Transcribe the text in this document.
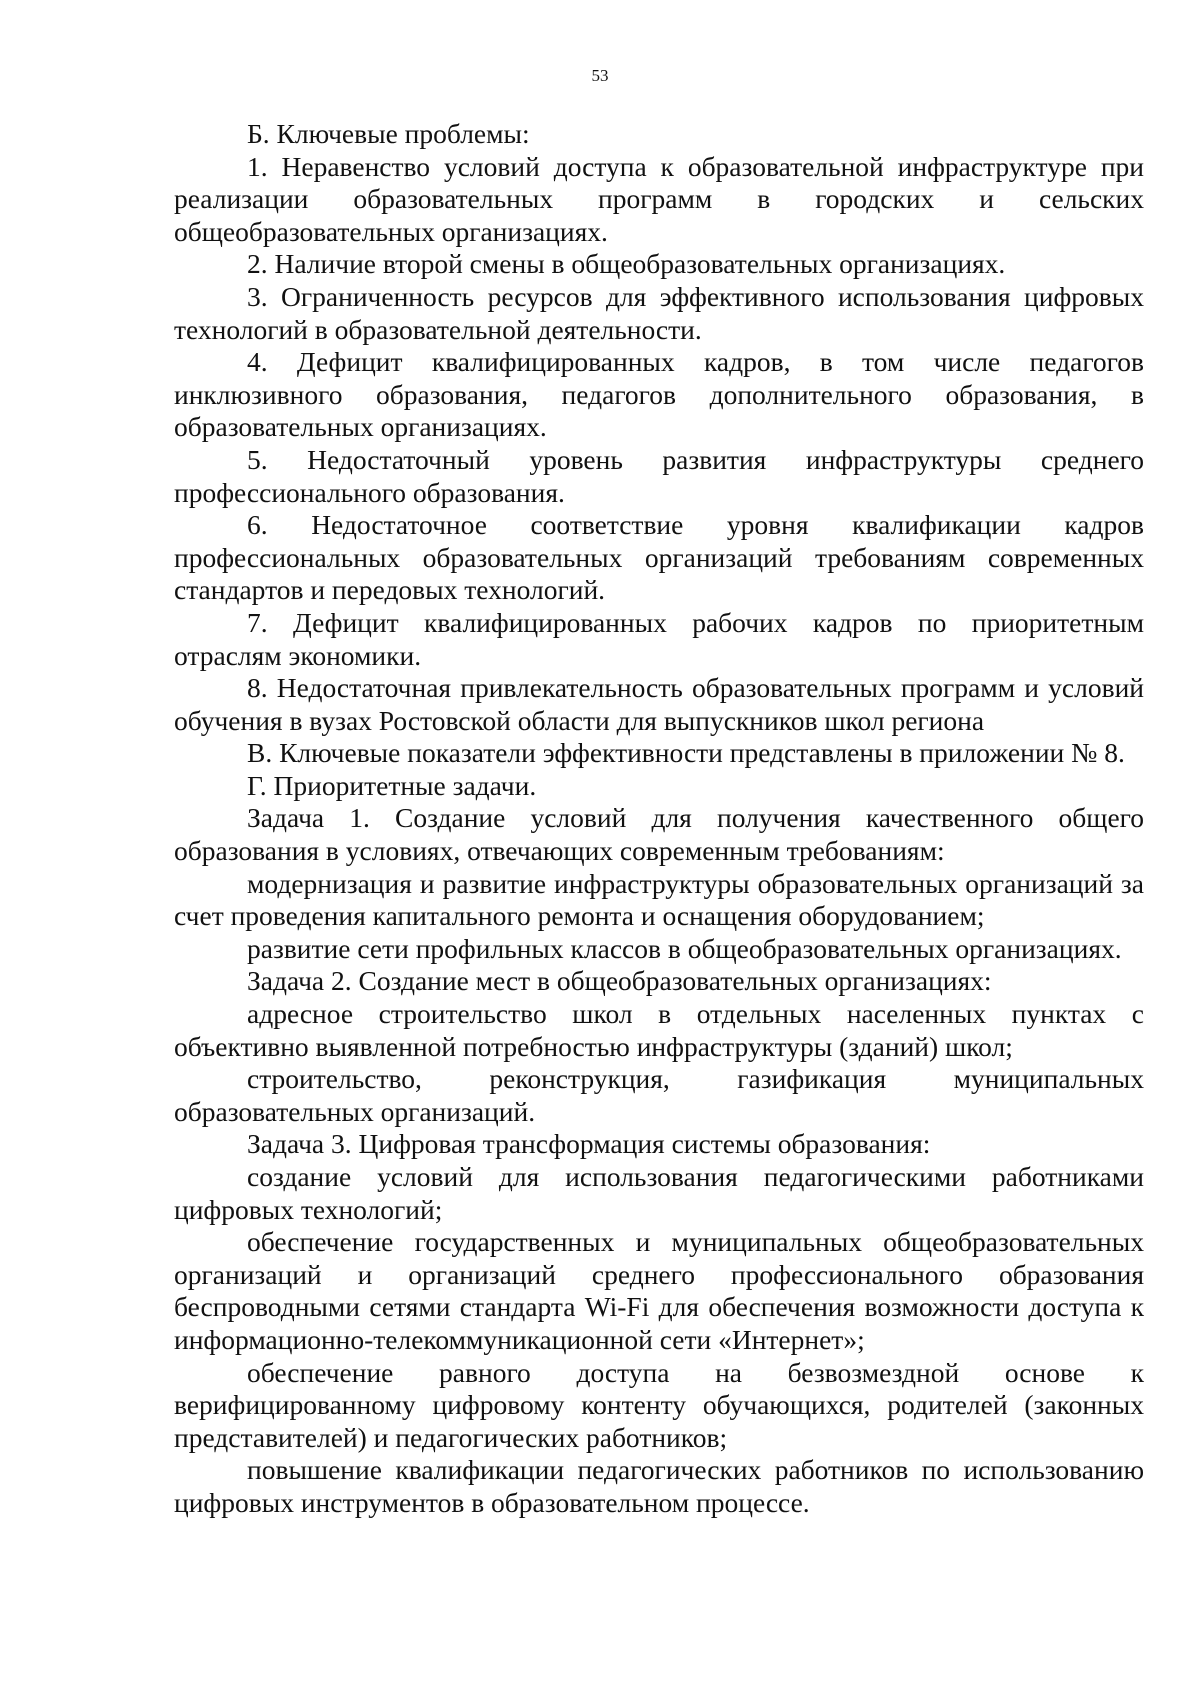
53

Б. Ключевые проблемы:

1. Неравенство условий доступа к образовательной инфраструктуре при реализации образовательных программ в городских и сельских общеобразовательных организациях.

2. Наличие второй смены в общеобразовательных организациях.

3. Ограниченность ресурсов для эффективного использования цифровых технологий в образовательной деятельности.

4. Дефицит квалифицированных кадров, в том числе педагогов инклюзивного образования, педагогов дополнительного образования, в образовательных организациях.

5. Недостаточный уровень развития инфраструктуры среднего профессионального образования.

6. Недостаточное соответствие уровня квалификации кадров профессиональных образовательных организаций требованиям современных стандартов и передовых технологий.

7. Дефицит квалифицированных рабочих кадров по приоритетным отраслям экономики.

8. Недостаточная привлекательность образовательных программ и условий обучения в вузах Ростовской области для выпускников школ региона

В. Ключевые показатели эффективности представлены в приложении № 8.

Г. Приоритетные задачи.

Задача 1. Создание условий для получения качественного общего образования в условиях, отвечающих современным требованиям:

модернизация и развитие инфраструктуры образовательных организаций за счет проведения капитального ремонта и оснащения оборудованием;

развитие сети профильных классов в общеобразовательных организациях.

Задача 2. Создание мест в общеобразовательных организациях:

адресное строительство школ в отдельных населенных пунктах с объективно выявленной потребностью инфраструктуры (зданий) школ;

строительство, реконструкция, газификация муниципальных образовательных организаций.

Задача 3. Цифровая трансформация системы образования:

создание условий для использования педагогическими работниками цифровых технологий;

обеспечение государственных и муниципальных общеобразовательных организаций и организаций среднего профессионального образования беспроводными сетями стандарта Wi-Fi для обеспечения возможности доступа к информационно-телекоммуникационной сети «Интернет»;

обеспечение равного доступа на безвозмездной основе к верифицированному цифровому контенту обучающихся, родителей (законных представителей) и педагогических работников;

повышение квалификации педагогических работников по использованию цифровых инструментов в образовательном процессе.
